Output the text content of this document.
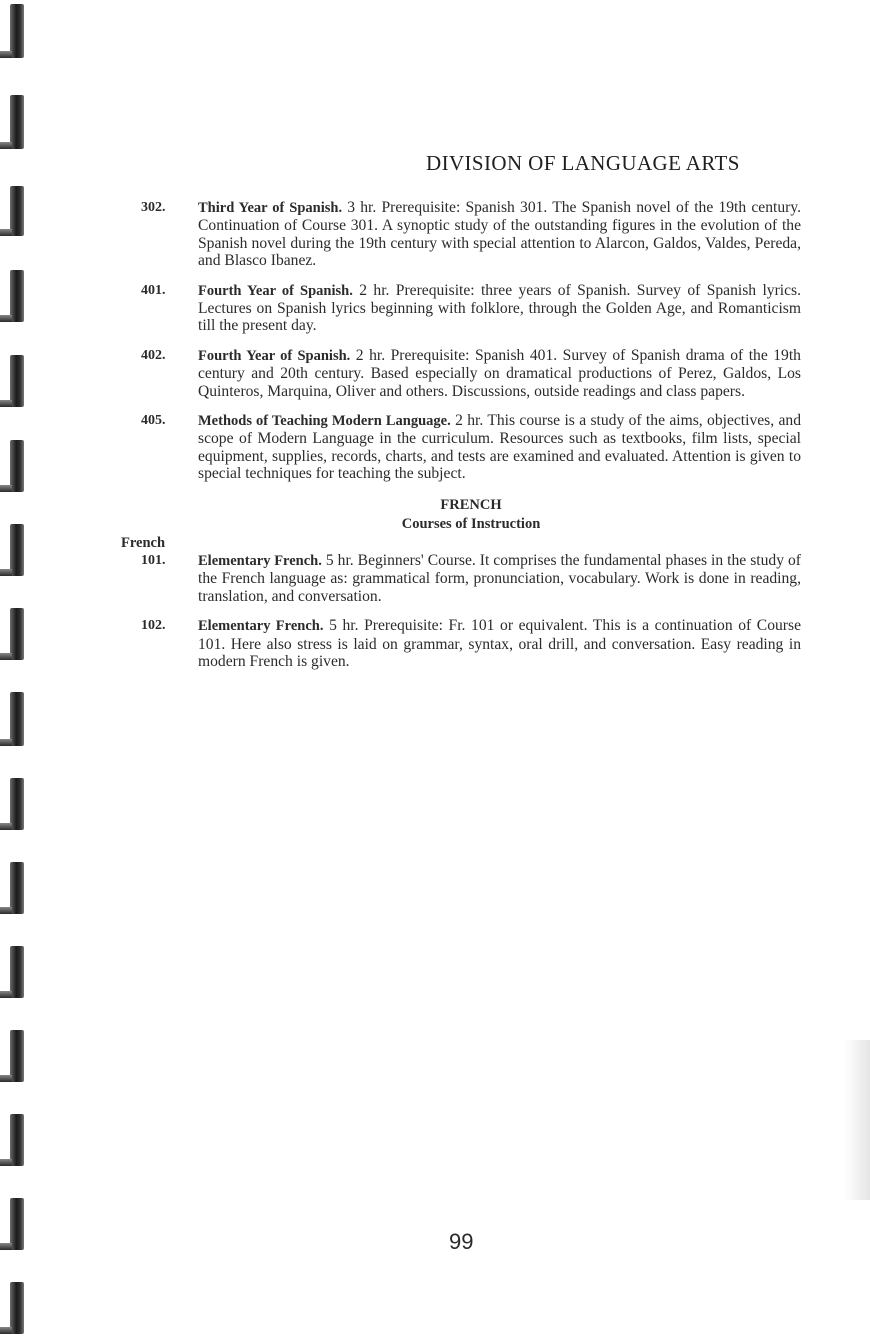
DIVISION OF LANGUAGE ARTS
302. Third Year of Spanish. 3 hr. Prerequisite: Spanish 301. The Spanish novel of the 19th century. Continuation of Course 301. A synoptic study of the outstanding figures in the evolution of the Spanish novel during the 19th century with special attention to Alarcon, Galdos, Valdes, Pereda, and Blasco Ibanez.
401. Fourth Year of Spanish. 2 hr. Prerequisite: three years of Spanish. Survey of Spanish lyrics. Lectures on Spanish lyrics beginning with folklore, through the Golden Age, and Romanticism till the present day.
402. Fourth Year of Spanish. 2 hr. Prerequisite: Spanish 401. Survey of Spanish drama of the 19th century and 20th century. Based especially on dramatical productions of Perez, Galdos, Los Quinteros, Marquina, Oliver and others. Discussions, outside readings and class papers.
405. Methods of Teaching Modern Language. 2 hr. This course is a study of the aims, objectives, and scope of Modern Language in the curriculum. Resources such as textbooks, film lists, special equipment, supplies, records, charts, and tests are examined and evaluated. Attention is given to special techniques for teaching the subject.
FRENCH
Courses of Instruction
French
101. Elementary French. 5 hr. Beginners' Course. It comprises the fundamental phases in the study of the French language as: grammatical form, pronunciation, vocabulary. Work is done in reading, translation, and conversation.
102. Elementary French. 5 hr. Prerequisite: Fr. 101 or equivalent. This is a continuation of Course 101. Here also stress is laid on grammar, syntax, oral drill, and conversation. Easy reading in modern French is given.
99
